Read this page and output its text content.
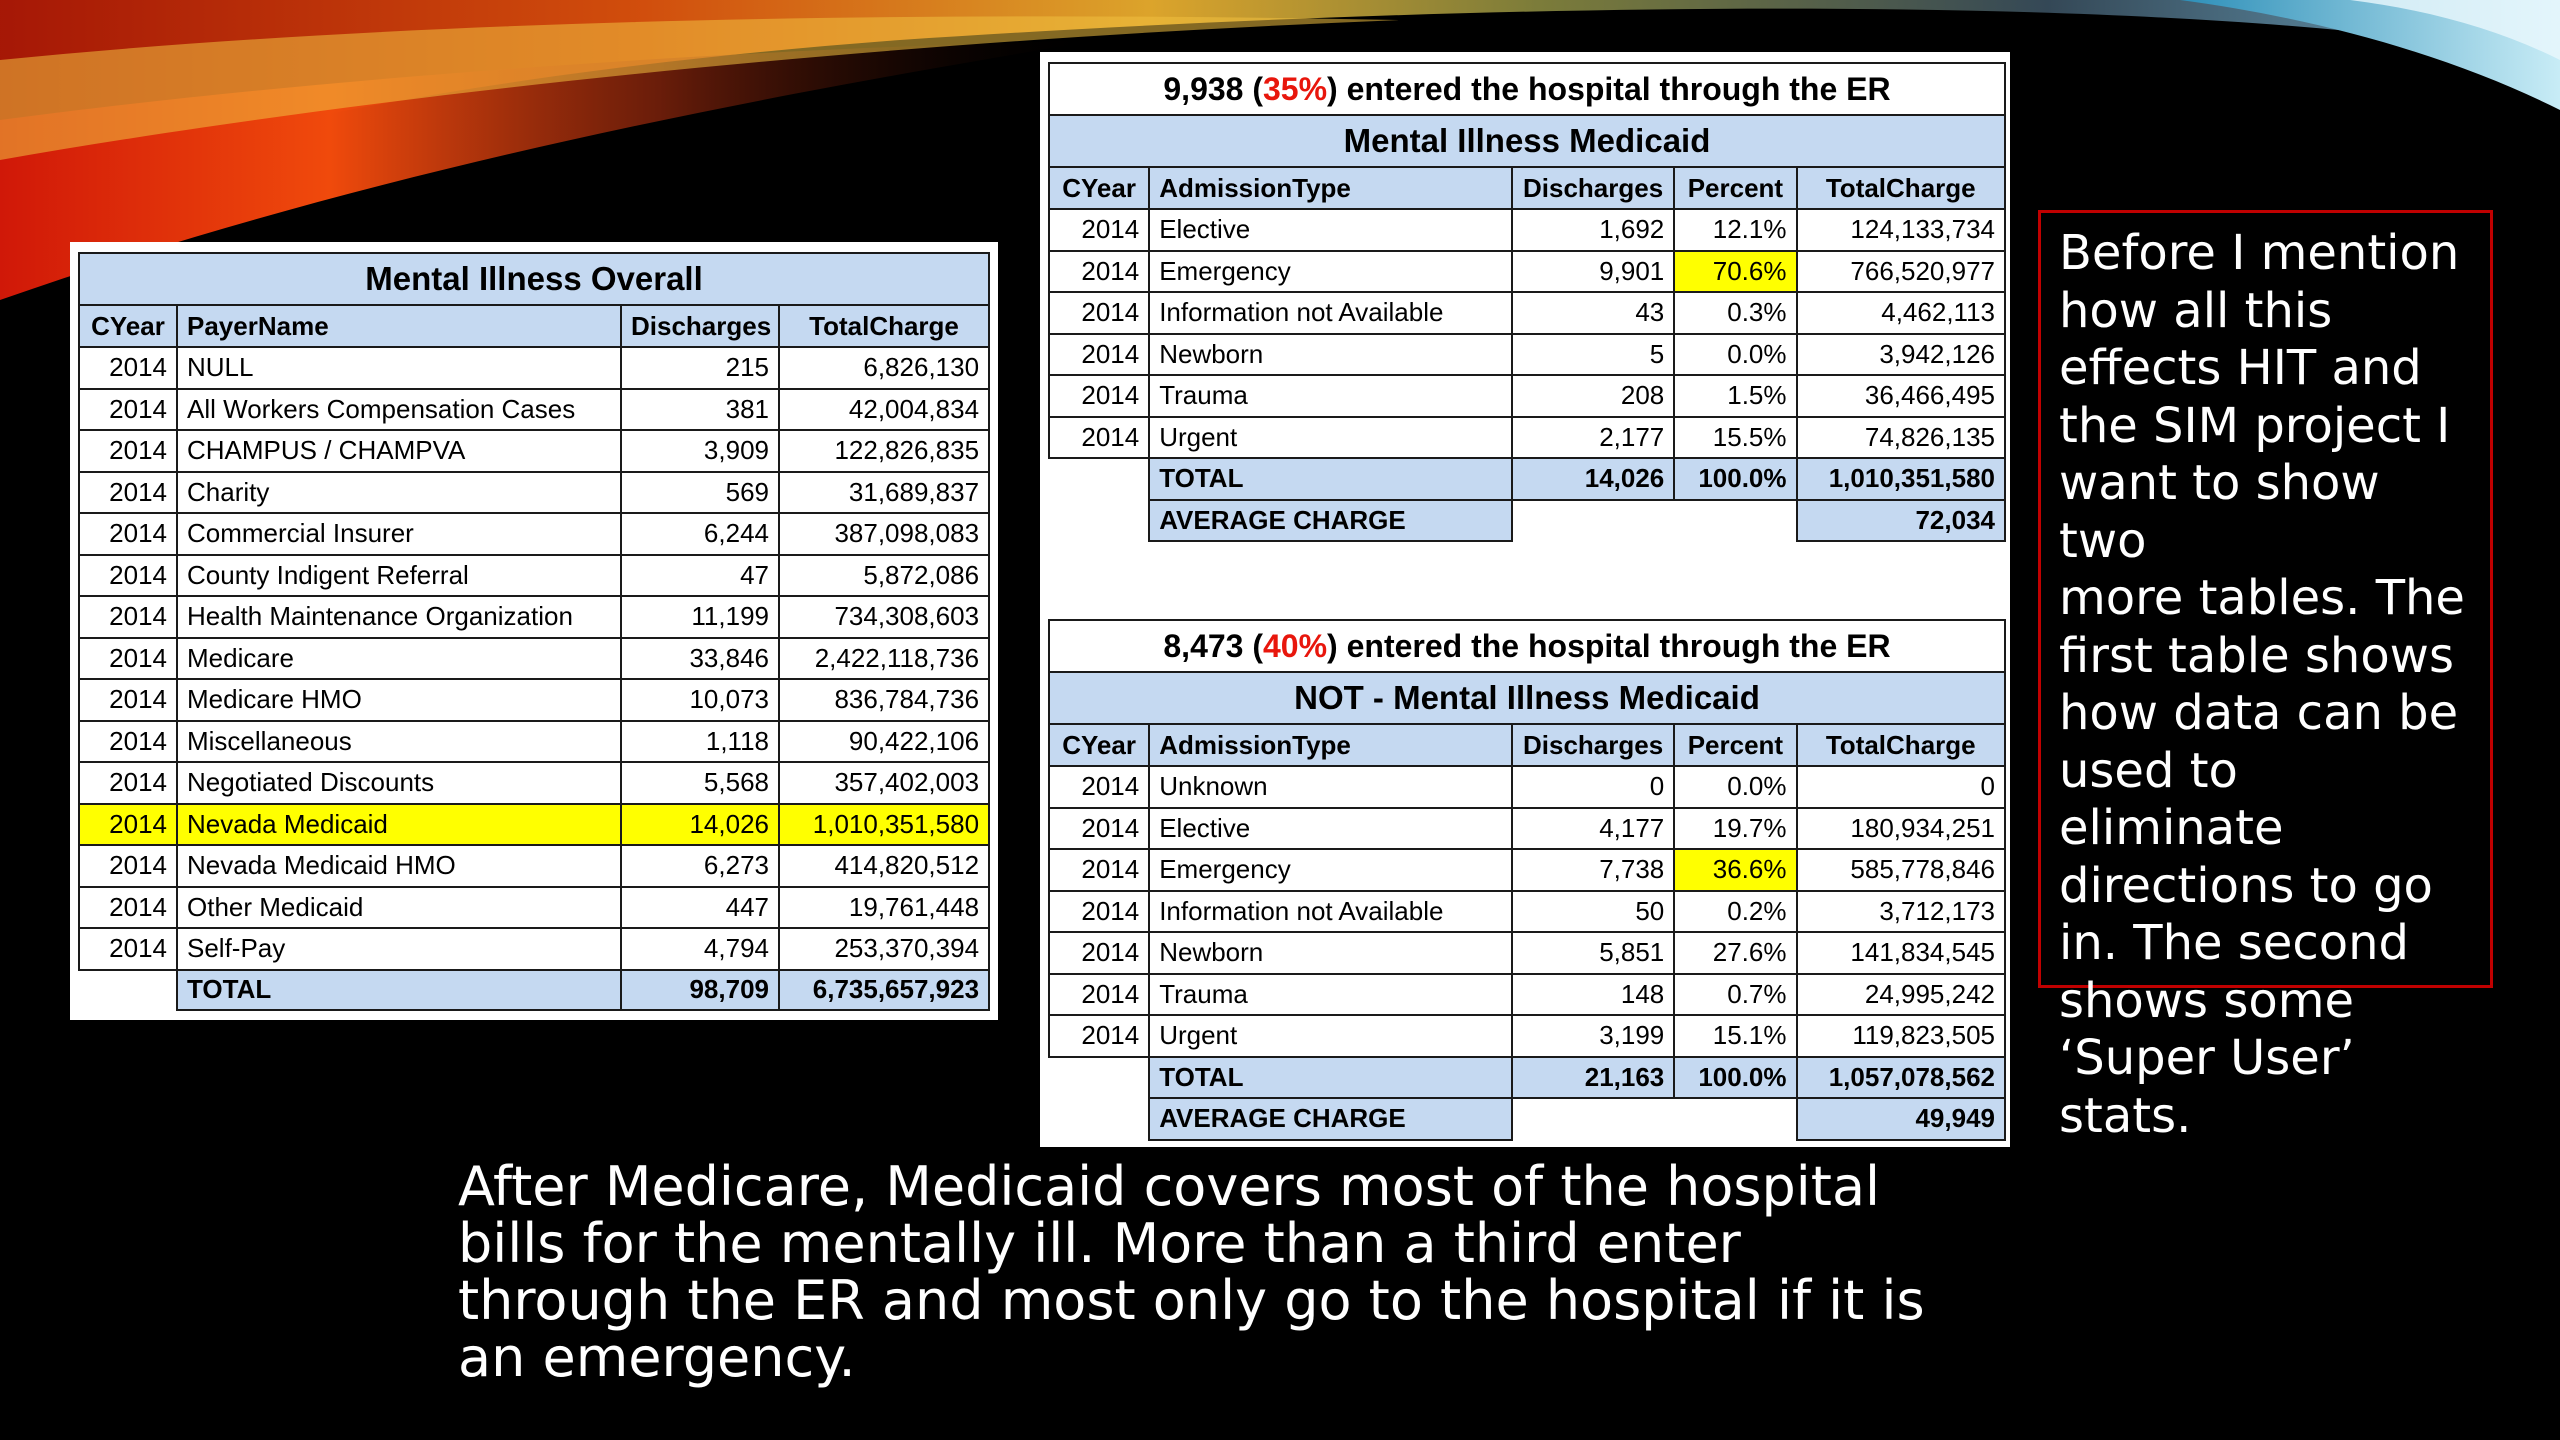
Mental Illness Overall			
CYear	PayerName	Discharges	TotalCharge
2014	NULL	215	6,826,130
2014	All Workers Compensation Cases	381	42,004,834
2014	CHAMPUS / CHAMPVA	3,909	122,826,835
2014	Charity	569	31,689,837
2014	Commercial Insurer	6,244	387,098,083
2014	County Indigent Referral	47	5,872,086
2014	Health Maintenance Organization	11,199	734,308,603
2014	Medicare	33,846	2,422,118,736
2014	Medicare HMO	10,073	836,784,736
2014	Miscellaneous	1,118	90,422,106
2014	Negotiated Discounts	5,568	357,402,003
2014	Nevada Medicaid	14,026	1,010,351,580
2014	Nevada Medicaid HMO	6,273	414,820,512
2014	Other Medicaid	447	19,761,448
2014	Self-Pay	4,794	253,370,394
	TOTAL	98,709	6,735,657,923
9,938 (35%) entered the hospital through the ER				
Mental Illness Medicaid				
CYear	AdmissionType	Discharges	Percent	TotalCharge
2014	Elective	1,692	12.1%	124,133,734
2014	Emergency	9,901	70.6%	766,520,977
2014	Information not Available	43	0.3%	4,462,113
2014	Newborn	5	0.0%	3,942,126
2014	Trauma	208	1.5%	36,466,495
2014	Urgent	2,177	15.5%	74,826,135
	TOTAL	14,026	100.0%	1,010,351,580
	AVERAGE CHARGE			72,034
8,473 (40%) entered the hospital through the ER				
NOT - Mental Illness Medicaid				
CYear	AdmissionType	Discharges	Percent	TotalCharge
2014	Unknown	0	0.0%	0
2014	Elective	4,177	19.7%	180,934,251
2014	Emergency	7,738	36.6%	585,778,846
2014	Information not Available	50	0.2%	3,712,173
2014	Newborn	5,851	27.6%	141,834,545
2014	Trauma	148	0.7%	24,995,242
2014	Urgent	3,199	15.1%	119,823,505
	TOTAL	21,163	100.0%	1,057,078,562
	AVERAGE CHARGE			49,949
Before I mention
how all this
effects HIT and
the SIM project I
want to show two
more tables. The
first table shows
how data can be
used to eliminate
directions to go
in. The second
shows some
‘Super User’ stats.
After Medicare, Medicaid covers most of the hospital
bills for the mentally ill. More than a third enter
through the ER and most only go to the hospital if it is
an emergency.
